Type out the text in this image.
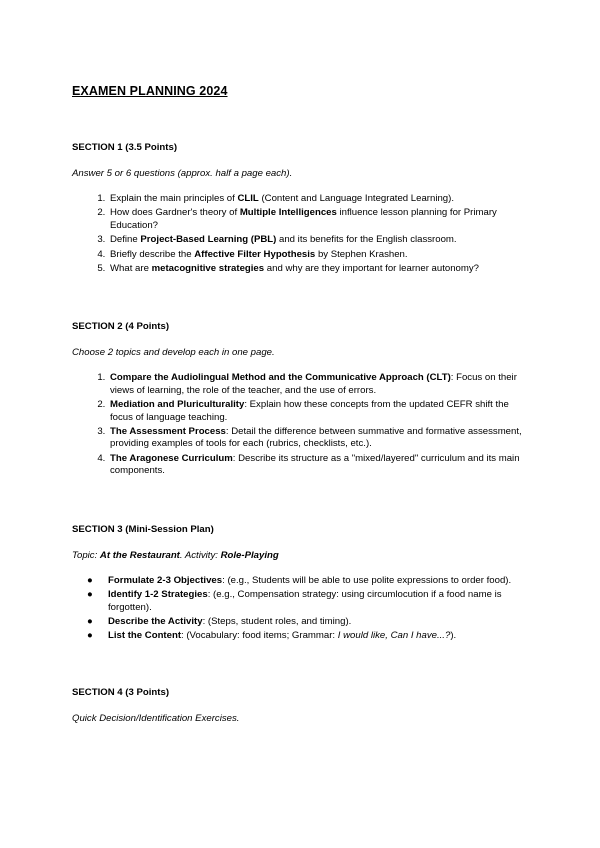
EXAMEN PLANNING 2024
SECTION 1 (3.5 Points)
Answer 5 or 6 questions (approx. half a page each).
1. Explain the main principles of CLIL (Content and Language Integrated Learning).
2. How does Gardner's theory of Multiple Intelligences influence lesson planning for Primary Education?
3. Define Project-Based Learning (PBL) and its benefits for the English classroom.
4. Briefly describe the Affective Filter Hypothesis by Stephen Krashen.
5. What are metacognitive strategies and why are they important for learner autonomy?
SECTION 2 (4 Points)
Choose 2 topics and develop each in one page.
1. Compare the Audiolingual Method and the Communicative Approach (CLT): Focus on their views of learning, the role of the teacher, and the use of errors.
2. Mediation and Pluriculturality: Explain how these concepts from the updated CEFR shift the focus of language teaching.
3. The Assessment Process: Detail the difference between summative and formative assessment, providing examples of tools for each (rubrics, checklists, etc.).
4. The Aragonese Curriculum: Describe its structure as a "mixed/layered" curriculum and its main components.
SECTION 3 (Mini-Session Plan)
Topic: At the Restaurant. Activity: Role-Playing
● Formulate 2-3 Objectives: (e.g., Students will be able to use polite expressions to order food).
● Identify 1-2 Strategies: (e.g., Compensation strategy: using circumlocution if a food name is forgotten).
● Describe the Activity: (Steps, student roles, and timing).
● List the Content: (Vocabulary: food items; Grammar: I would like, Can I have...?).
SECTION 4 (3 Points)
Quick Decision/Identification Exercises.
